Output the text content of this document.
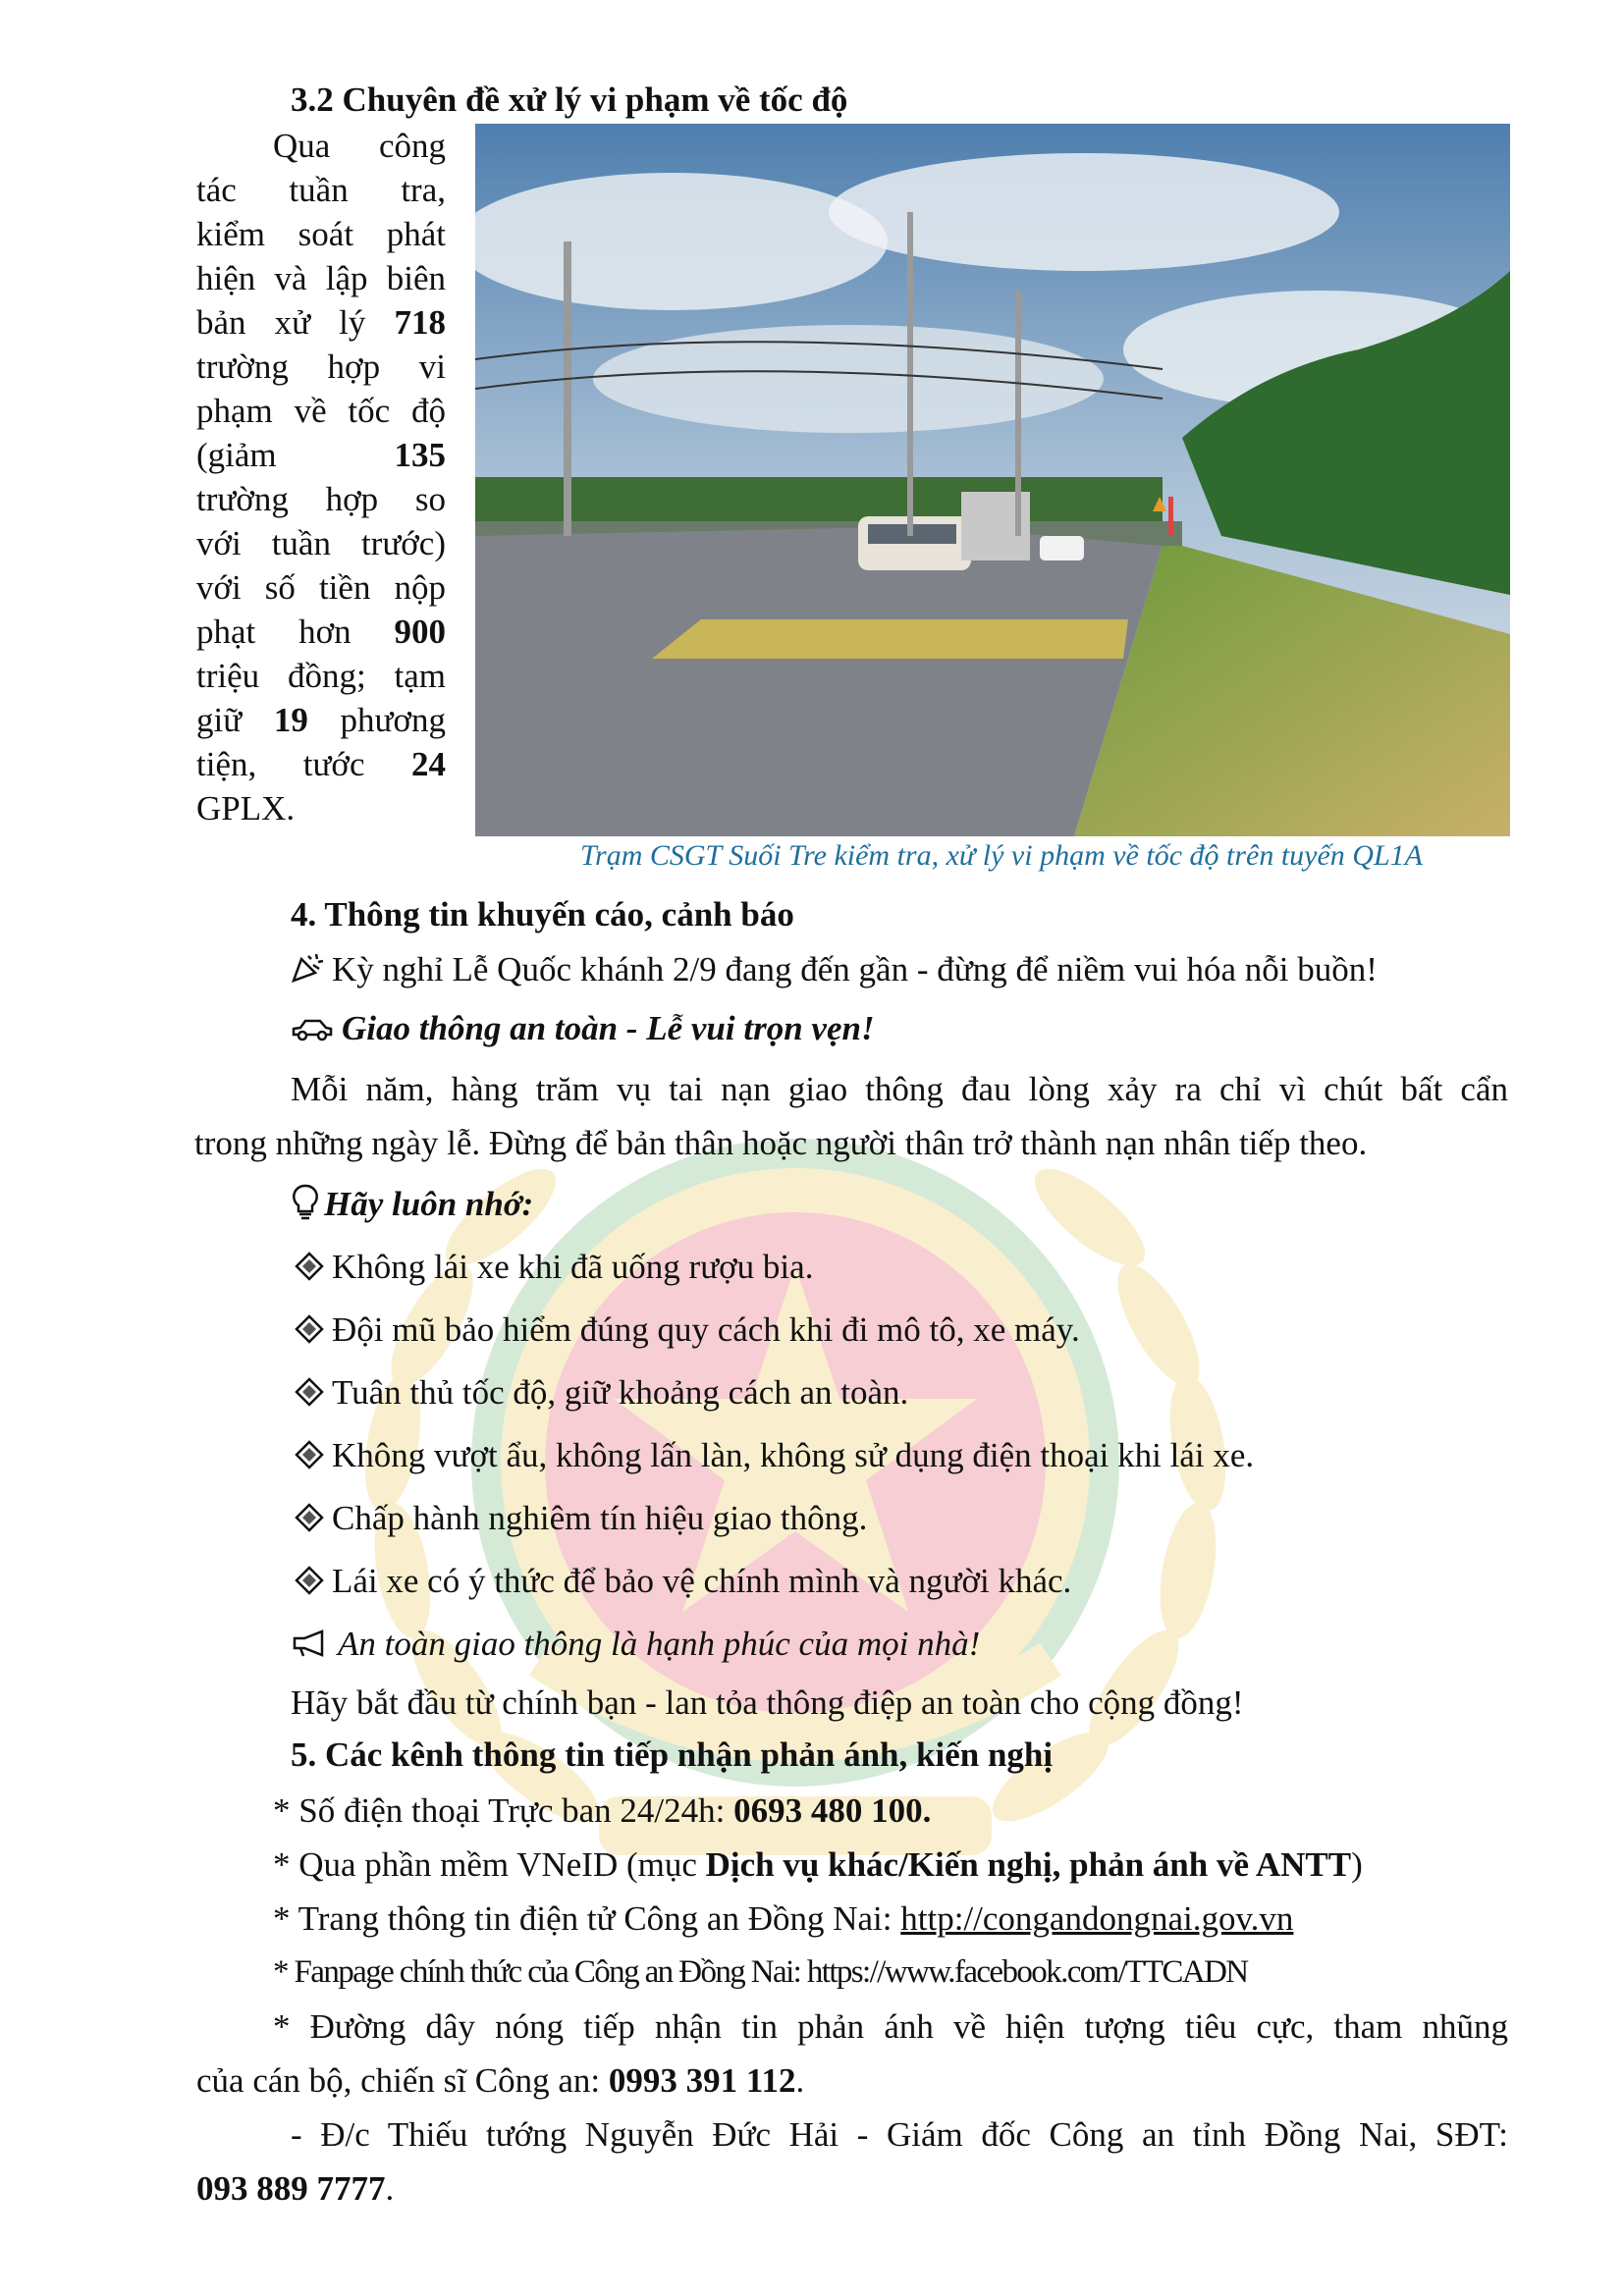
3.2 Chuyên đề xử lý vi phạm về tốc độ
Qua công
tác tuần tra,
kiểm soát phát
hiện và lập biên
bản xử lý 718
trường hợp vi
phạm về tốc độ
(giảm 135
trường hợp so
với tuần trước)
với số tiền nộp
phạt hơn 900
triệu đồng; tạm
giữ 19 phương
tiện, tước 24
GPLX.
Trạm CSGT Suối Tre kiểm tra, xử lý vi phạm về tốc độ trên tuyến QL1A
4. Thông tin khuyến cáo, cảnh báo
Kỳ nghỉ Lễ Quốc khánh 2/9 đang đến gần - đừng để niềm vui hóa nỗi buồn!
Giao thông an toàn - Lễ vui trọn vẹn!
Mỗi năm, hàng trăm vụ tai nạn giao thông đau lòng xảy ra chỉ vì chút bất cẩn
trong những ngày lễ. Đừng để bản thân hoặc người thân trở thành nạn nhân tiếp theo.
Hãy luôn nhớ:
Không lái xe khi đã uống rượu bia.
Đội mũ bảo hiểm đúng quy cách khi đi mô tô, xe máy.
Tuân thủ tốc độ, giữ khoảng cách an toàn.
Không vượt ẩu, không lấn làn, không sử dụng điện thoại khi lái xe.
Chấp hành nghiêm tín hiệu giao thông.
Lái xe có ý thức để bảo vệ chính mình và người khác.
An toàn giao thông là hạnh phúc của mọi nhà!
Hãy bắt đầu từ chính bạn - lan tỏa thông điệp an toàn cho cộng đồng!
5. Các kênh thông tin tiếp nhận phản ánh, kiến nghị
* Số điện thoại Trực ban 24/24h: 0693 480 100.
* Qua phần mềm VNeID (mục Dịch vụ khác/Kiến nghị, phản ánh về ANTT)
* Trang thông tin điện tử Công an Đồng Nai: http://congandongnai.gov.vn
* Fanpage chính thức của Công an Đồng Nai: https://www.facebook.com/TTCADN
* Đường dây nóng tiếp nhận tin phản ánh về hiện tượng tiêu cực, tham nhũng
của cán bộ, chiến sĩ Công an: 0993 391 112.
- Đ/c Thiếu tướng Nguyễn Đức Hải - Giám đốc Công an tỉnh Đồng Nai, SĐT:
093 889 7777.
